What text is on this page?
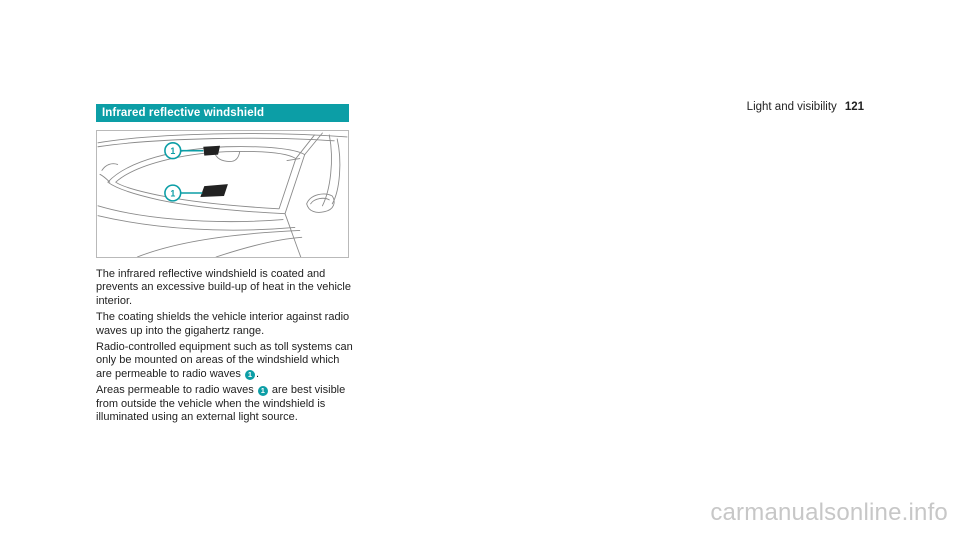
Light and visibility 121
Infrared reflective windshield
1
1

The infrared reflective windshield is coated and prevents an excessive build-up of heat in the vehicle interior.

The coating shields the vehicle interior against radio waves up into the gigahertz range.

Radio-controlled equipment such as toll systems can only be mounted on areas of the windshield which are permeable to radio waves 1 .

Areas permeable to radio waves 1 are best visible from outside the vehicle when the windshield is illuminated using an external light source.

carmanualsonline.info
